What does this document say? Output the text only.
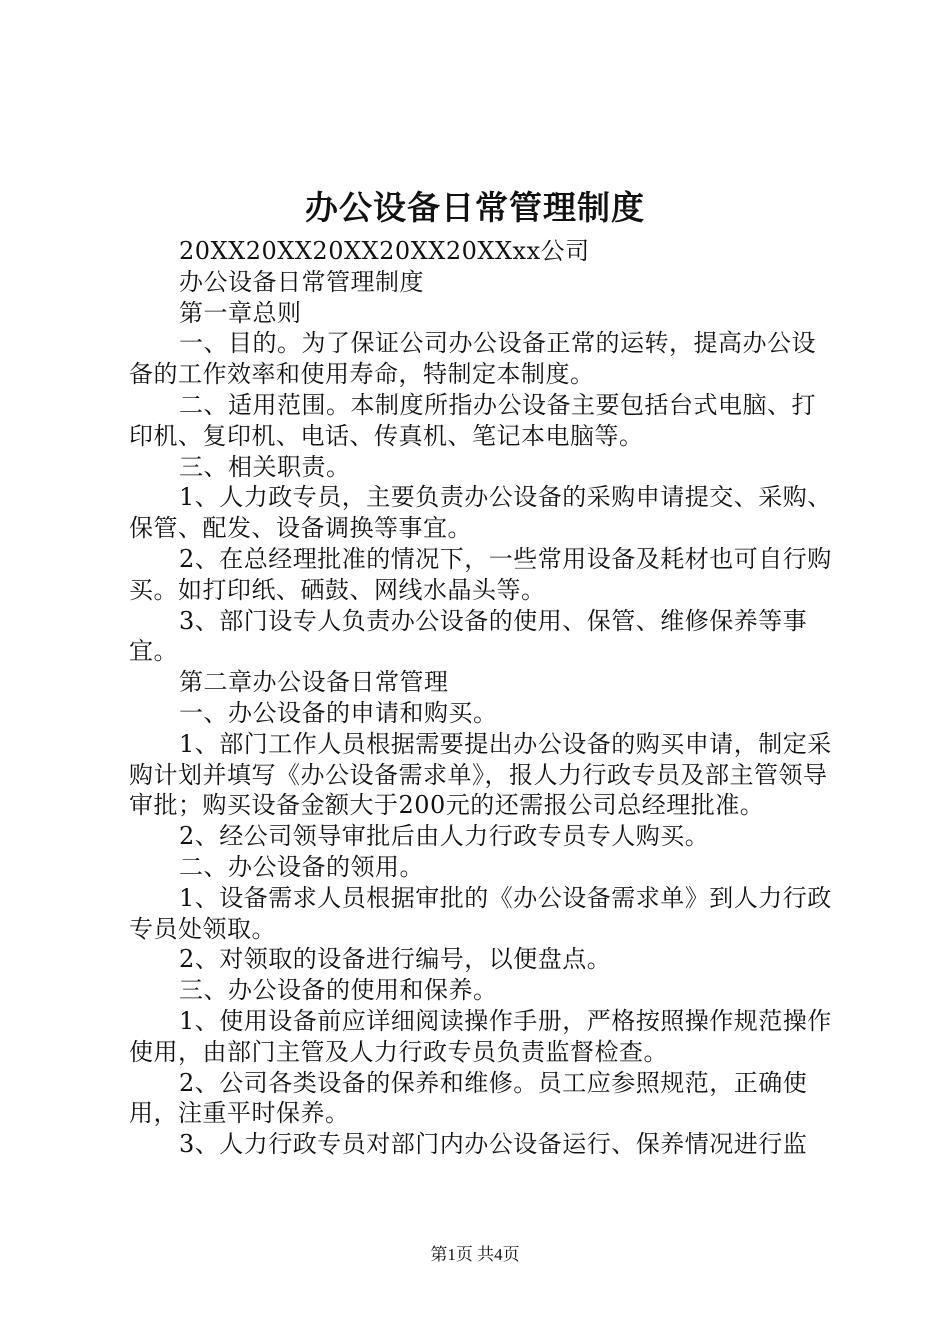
办公设备日常管理制度

20XX20XX20XX20XX20XXxx公司

办公设备日常管理制度

第一章总则

一、目的。为了保证公司办公设备正常的运转，提高办公设备的工作效率和使用寿命，特制定本制度。

二、适用范围。本制度所指办公设备主要包括台式电脑、打印机、复印机、电话、传真机、笔记本电脑等。

三、相关职责。

1、人力政专员，主要负责办公设备的采购申请提交、采购、保管、配发、设备调换等事宜。

2、在总经理批准的情况下，一些常用设备及耗材也可自行购买。如打印纸、硒鼓、网线水晶头等。

3、部门设专人负责办公设备的使用、保管、维修保养等事宜。

第二章办公设备日常管理

一、办公设备的申请和购买。

1、部门工作人员根据需要提出办公设备的购买申请，制定采购计划并填写《办公设备需求单》，报人力行政专员及部主管领导审批；购买设备金额大于200元的还需报公司总经理批准。

2、经公司领导审批后由人力行政专员专人购买。

二、办公设备的领用。

1、设备需求人员根据审批的《办公设备需求单》到人力行政专员处领取。

2、对领取的设备进行编号，以便盘点。

三、办公设备的使用和保养。

1、使用设备前应详细阅读操作手册，严格按照操作规范操作使用，由部门主管及人力行政专员负责监督检查。

2、公司各类设备的保养和维修。员工应参照规范，正确使用，注重平时保养。

3、人力行政专员对部门内办公设备运行、保养情况进行监

第1页 共4页
